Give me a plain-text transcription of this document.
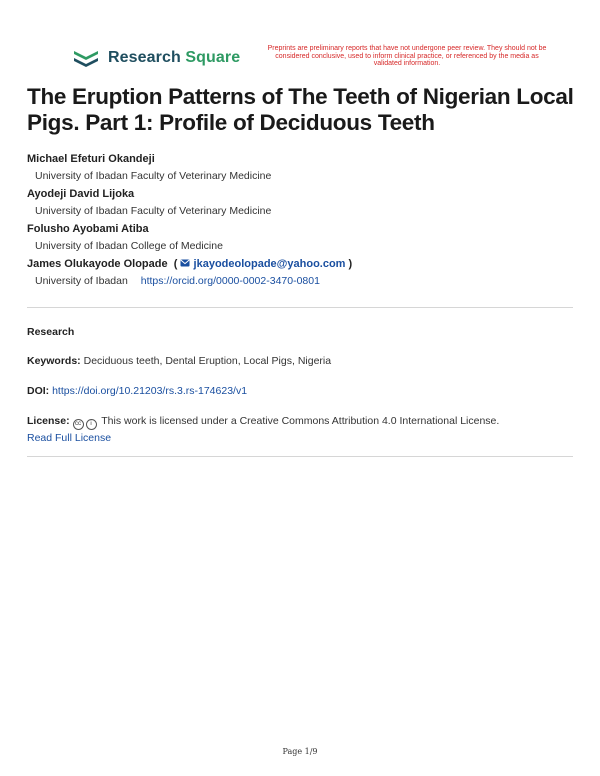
Research Square
Preprints are preliminary reports that have not undergone peer review. They should not be considered conclusive, used to inform clinical practice, or referenced by the media as validated information.
The Eruption Patterns of The Teeth of Nigerian Local Pigs. Part 1: Profile of Deciduous Teeth
Michael Efeturi Okandeji
University of Ibadan Faculty of Veterinary Medicine
Ayodeji David Lijoka
University of Ibadan Faculty of Veterinary Medicine
Folusho Ayobami Atiba
University of Ibadan College of Medicine
James Olukayode Olopade  (  jkayodeolopade@yahoo.com )
University of Ibadan https://orcid.org/0000-0002-3470-0801
Research
Keywords: Deciduous teeth, Dental Eruption, Local Pigs, Nigeria
DOI: https://doi.org/10.21203/rs.3.rs-174623/v1
License: cc i This work is licensed under a Creative Commons Attribution 4.0 International License.
Read Full License
Page 1/9
